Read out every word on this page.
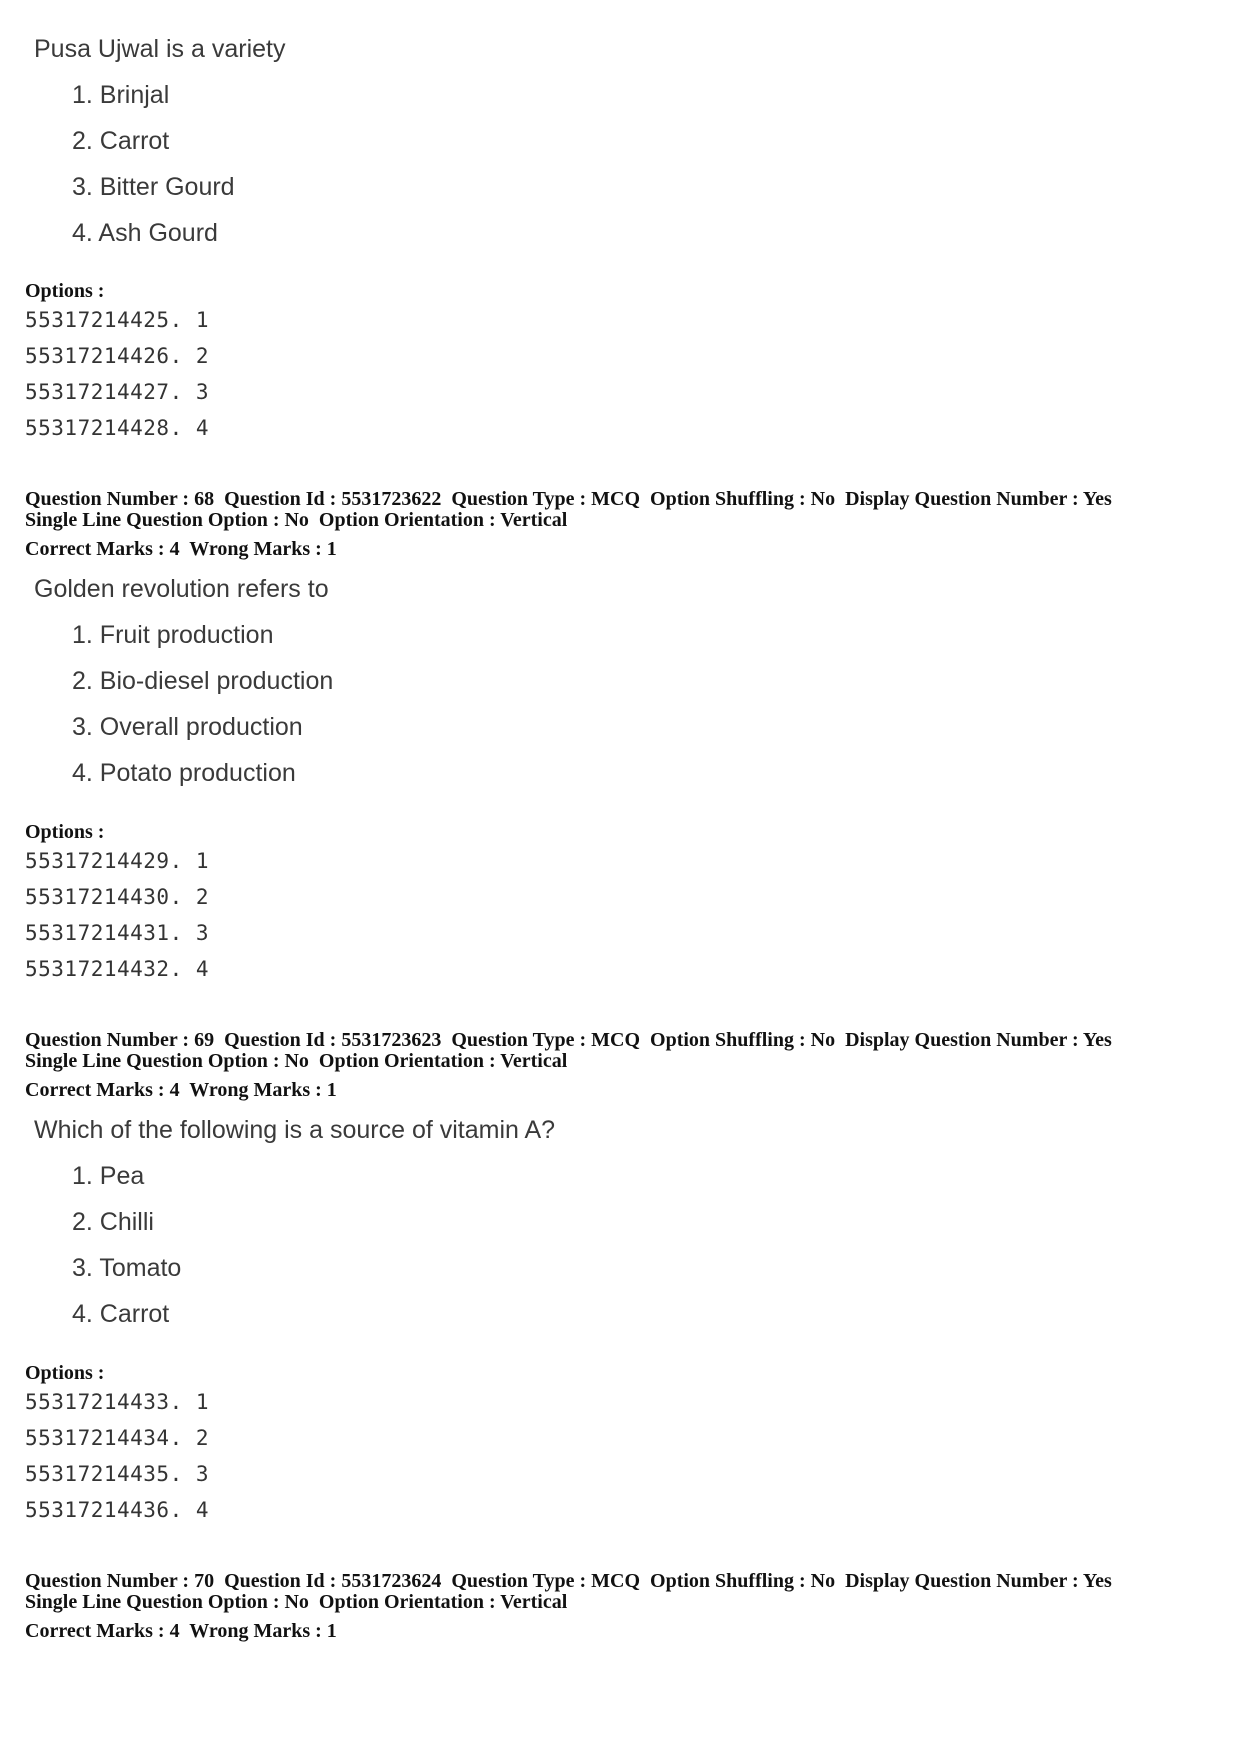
Pusa Ujwal is a variety
1. Brinjal
2. Carrot
3. Bitter Gourd
4. Ash Gourd
Options :
55317214425. 1
55317214426. 2
55317214427. 3
55317214428. 4
Question Number : 68  Question Id : 5531723622  Question Type : MCQ  Option Shuffling : No  Display Question Number : Yes
Single Line Question Option : No  Option Orientation : Vertical
Correct Marks : 4  Wrong Marks : 1
Golden revolution refers to
1. Fruit production
2. Bio-diesel production
3. Overall production
4. Potato production
Options :
55317214429. 1
55317214430. 2
55317214431. 3
55317214432. 4
Question Number : 69  Question Id : 5531723623  Question Type : MCQ  Option Shuffling : No  Display Question Number : Yes
Single Line Question Option : No  Option Orientation : Vertical
Correct Marks : 4  Wrong Marks : 1
Which of the following is a source of vitamin A?
1. Pea
2. Chilli
3. Tomato
4. Carrot
Options :
55317214433. 1
55317214434. 2
55317214435. 3
55317214436. 4
Question Number : 70  Question Id : 5531723624  Question Type : MCQ  Option Shuffling : No  Display Question Number : Yes
Single Line Question Option : No  Option Orientation : Vertical
Correct Marks : 4  Wrong Marks : 1
